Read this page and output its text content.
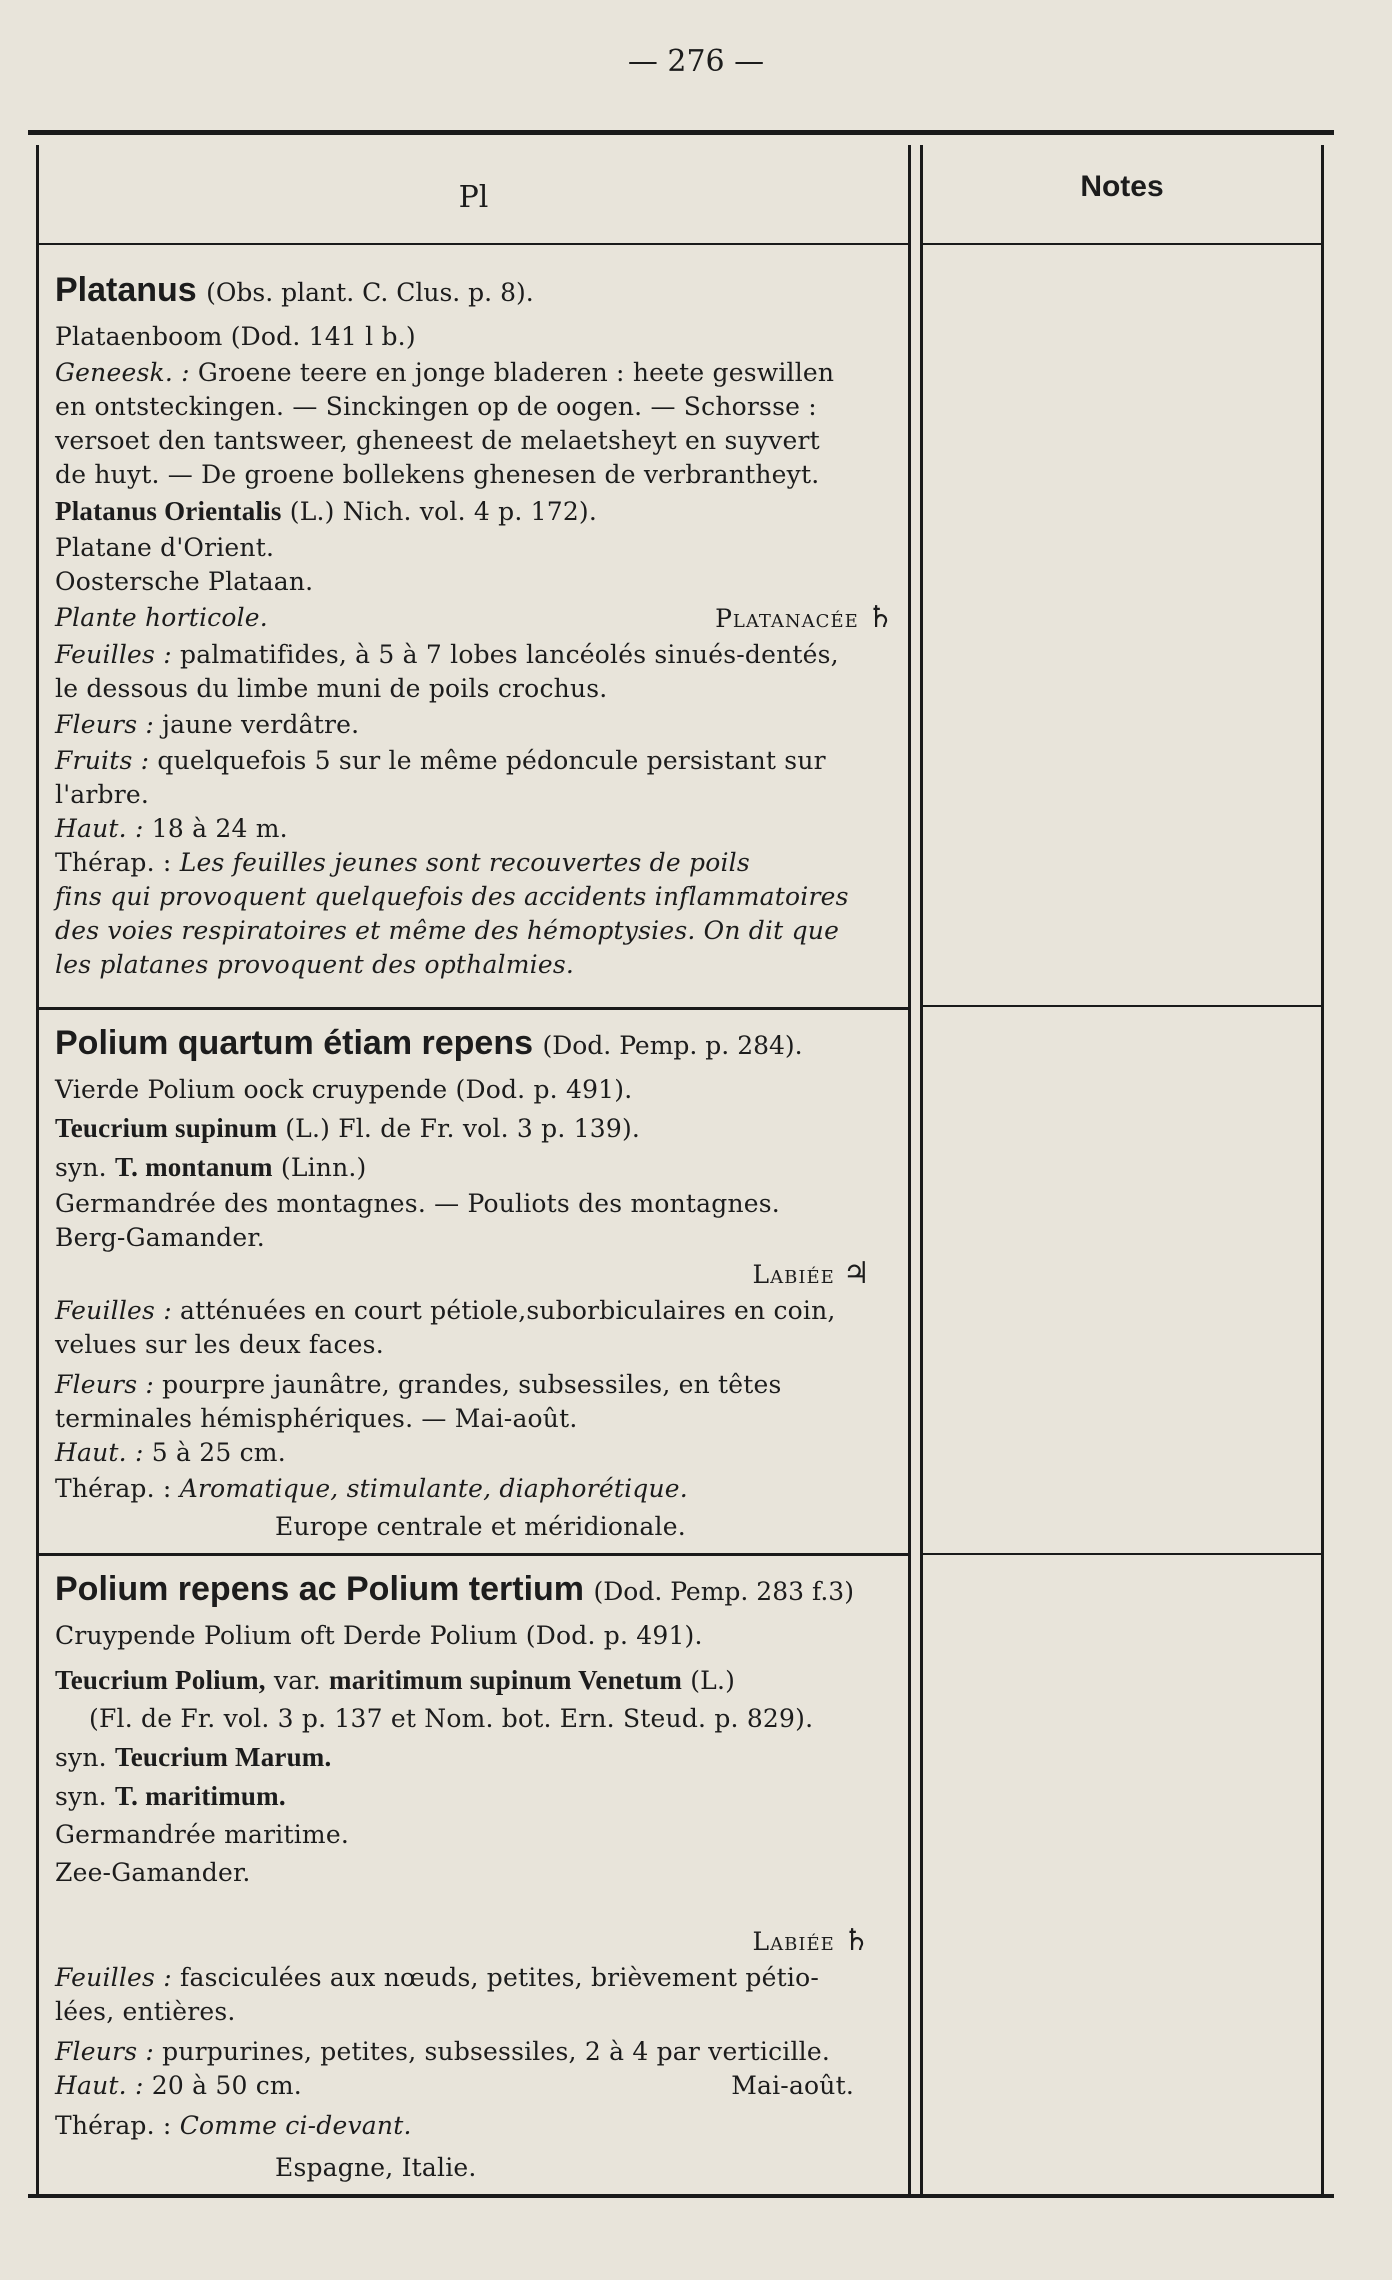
— 276 —
Pl
Platanus (Obs. plant. C. Clus. p. 8).
Plataenboom (Dod. 141 l b.)
Geneesk. : Groene teere en jonge bladeren : heete geswillen
en ontsteckingen. — Sinckingen op de oogen. — Schorsse :
versoet den tantsweer, gheneest de melaetsheyt en suyvert
de huyt. — De groene bollekens ghenesen de verbrantheyt.
Platanus Orientalis (L.) Nich. vol. 4 p. 172).
Platane d'Orient.
Oostersche Plataan.
Plante horticole.	Platanacée ♄
Feuilles : palmatifides, à 5 à 7 lobes lancéolés sinués-dentés,
le dessous du limbe muni de poils crochus.
Fleurs : jaune verdâtre.
Fruits : quelquefois 5 sur le même pédoncule persistant sur
l'arbre.
Haut. : 18 à 24 m.
Thérap. : Les feuilles jeunes sont recouvertes de poils
fins qui provoquent quelquefois des accidents inflammatoires
des voies respiratoires et même des hémoptysies. On dit que
les platanes provoquent des opthalmies.
Polium quartum étiam repens (Dod. Pemp. p. 284).
Vierde Polium oock cruypende (Dod. p. 491).
Teucrium supinum (L.) Fl. de Fr. vol. 3 p. 139).
syn. T. montanum (Linn.)
Germandrée des montagnes. — Pouliots des montagnes.
Berg-Gamander.
Labiée ♃
Feuilles : atténuées en court pétiole,suborbiculaires en coin,
velues sur les deux faces.
Fleurs : pourpre jaunâtre, grandes, subsessiles, en têtes
terminales hémisphériques. — Mai-août.
Haut. : 5 à 25 cm.
Thérap. : Aromatique, stimulante, diaphorétique.
Europe centrale et méridionale.
Polium repens ac Polium tertium (Dod. Pemp. 283 f.3)
Cruypende Polium oft Derde Polium (Dod. p. 491).
Teucrium Polium, var. maritimum supinum Venetum (L.)
(Fl. de Fr. vol. 3 p. 137 et Nom. bot. Ern. Steud. p. 829).
syn. Teucrium Marum.
syn. T. maritimum.
Germandrée maritime.
Zee-Gamander.
Labiée ♄
Feuilles : fasciculées aux nœuds, petites, brièvement pétio-
lées, entières.
Fleurs : purpurines, petites, subsessiles, 2 à 4 par verticille.
Haut. : 20 à 50 cm.	Mai-août.
Thérap. : Comme ci-devant.
Espagne, Italie.
Notes
